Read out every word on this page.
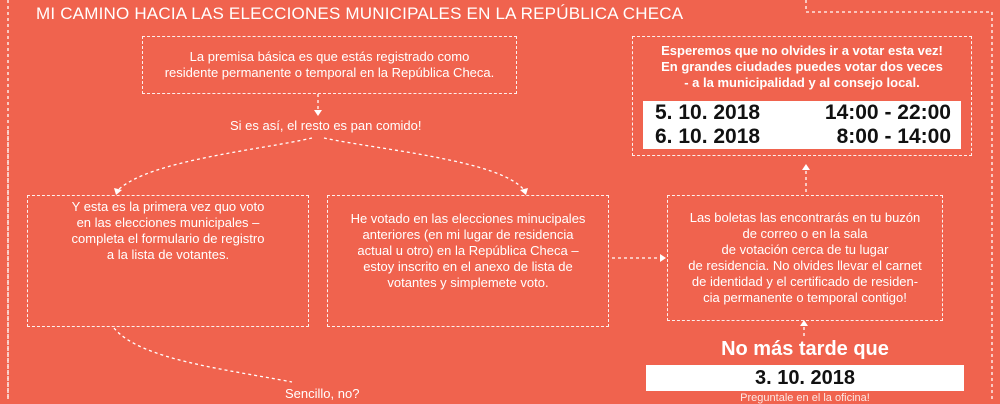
MI CAMINO HACIA LAS ELECCIONES MUNICIPALES EN LA REPÚBLICA CHECA
La premisa básica es que estás registrado como
residente permanente o temporal en la República Checa.
Si es así, el resto es pan comido!
Y esta es la primera vez quo voto
en las elecciones municipales –
completa el formulario de registro
a la lista de votantes.
He votado en las elecciones minucipales
anteriores (en mi lugar de residencia
actual u otro) en la República Checa –
estoy inscrito en el anexo de lista de
votantes y simplemete voto.
Las boletas las encontrarás en tu buzón
de correo o en la sala
de votación cerca de tu lugar
de residencia. No olvides llevar el carnet
de identidad y el certificado de residen-
cia permanente o temporal contigo!
Sencillo, no?
Esperemos que no olvides ir a votar esta vez!
En grandes ciudades puedes votar dos veces
- a la municipalidad y al consejo local.
5. 10. 2018	14:00 - 22:00
6. 10. 2018	8:00 - 14:00
No más tarde que
3. 10. 2018
Preguntale en el la oficina!
